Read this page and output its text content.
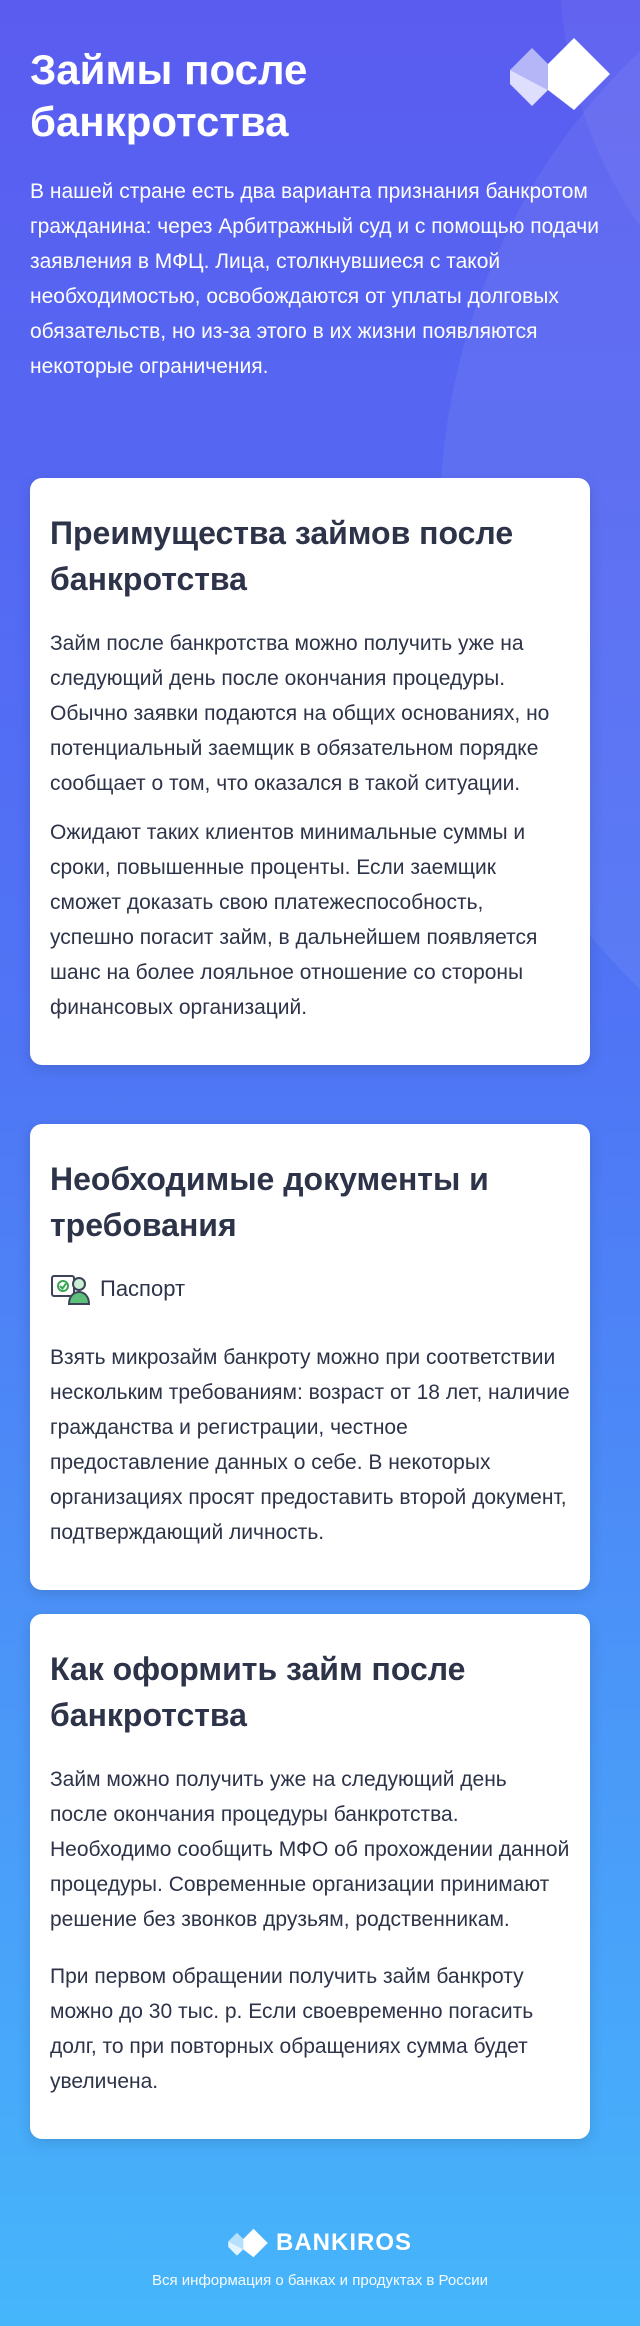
Займы после банкротства

В нашей стране есть два варианта признания банкротом гражданина: через Арбитражный суд и с помощью подачи заявления в МФЦ. Лица, столкнувшиеся с такой необходимостью, освобождаются от уплаты долговых обязательств, но из-за этого в их жизни появляются некоторые ограничения.

Преимущества займов после банкротства

Займ после банкротства можно получить уже на следующий день после окончания процедуры. Обычно заявки подаются на общих основаниях, но потенциальный заемщик в обязательном порядке сообщает о том, что оказался в такой ситуации.

Ожидают таких клиентов минимальные суммы и сроки, повышенные проценты. Если заемщик сможет доказать свою платежеспособность, успешно погасит займ, в дальнейшем появляется шанс на более лояльное отношение со стороны финансовых организаций.

Необходимые документы и требования
Паспорт

Взять микрозайм банкроту можно при соответствии нескольким требованиям: возраст от 18 лет, наличие гражданства и регистрации, честное предоставление данных о себе. В некоторых организациях просят предоставить второй документ, подтверждающий личность.

Как оформить займ после банкротства

Займ можно получить уже на следующий день после окончания процедуры банкротства. Необходимо сообщить МФО об прохождении данной процедуры. Современные организации принимают решение без звонков друзьям, родственникам.

При первом обращении получить займ банкроту можно до 30 тыс. р. Если своевременно погасить долг, то при повторных обращениях сумма будет увеличена.

BANKIROS
Вся информация о банках и продуктах в России
